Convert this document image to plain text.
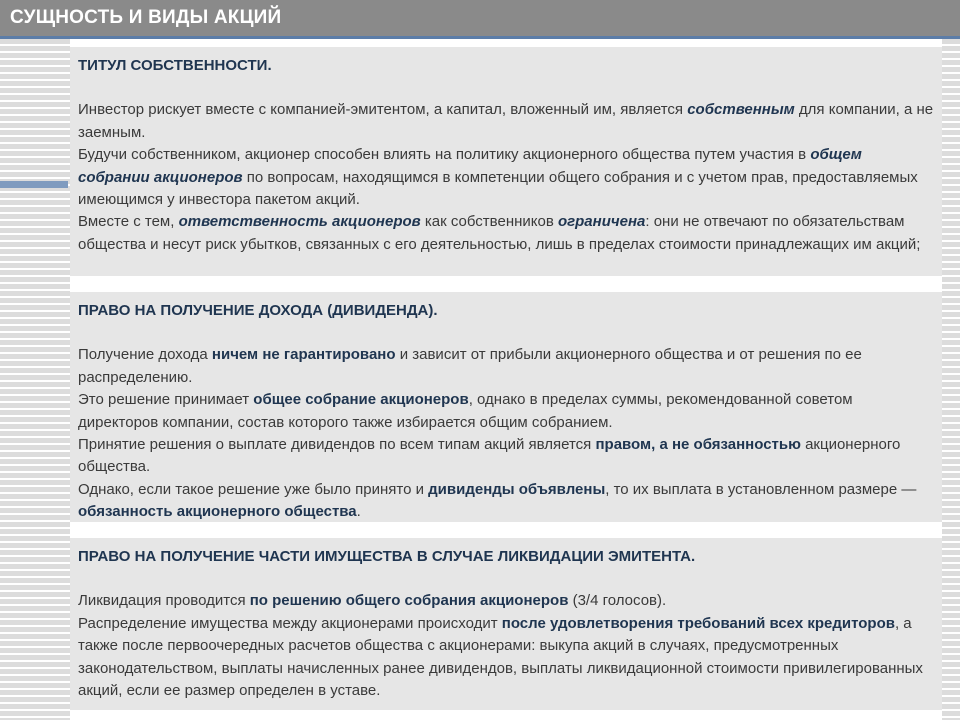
СУЩНОСТЬ И ВИДЫ АКЦИЙ
ТИТУЛ СОБСТВЕННОСТИ.

Инвестор рискует вместе с компанией-эмитентом, а капитал, вложенный им, является собственным для компании, а не заемным.

Будучи собственником, акционер способен влиять на политику акционерного общества путем участия в общем собрании акционеров по вопросам, находящимся в компетенции общего собрания и с учетом прав, предоставляемых имеющимся у инвестора пакетом акций.

Вместе с тем, ответственность акционеров как собственников ограничена: они не отвечают по обязательствам общества и несут риск убытков, связанных с его деятельностью, лишь в пределах стоимости принадлежащих им акций;

ПРАВО НА ПОЛУЧЕНИЕ ДОХОДА (ДИВИДЕНДА).

Получение дохода ничем не гарантировано и зависит от прибыли акционерного общества и от решения по ее распределению.

Это решение принимает общее собрание акционеров, однако в пределах суммы, рекомендованной советом директоров компании, состав которого также избирается общим собранием.

Принятие решения о выплате дивидендов по всем типам акций является правом, а не обязанностью акционерного общества.

Однако, если такое решение уже было принято и дивиденды объявлены, то их выплата в установленном размере — обязанность акционерного общества.

ПРАВО НА ПОЛУЧЕНИЕ ЧАСТИ ИМУЩЕСТВА В СЛУЧАЕ ЛИКВИДАЦИИ ЭМИТЕНТА.

Ликвидация проводится по решению общего собрания акционеров (3/4 голосов).

Распределение имущества между акционерами происходит после удовлетворения требований всех кредиторов, а также после первоочередных расчетов общества с акционерами: выкупа акций в случаях, предусмотренных законодательством, выплаты начисленных ранее дивидендов, выплаты ликвидационной стоимости привилегированных акций, если ее размер определен в уставе.
